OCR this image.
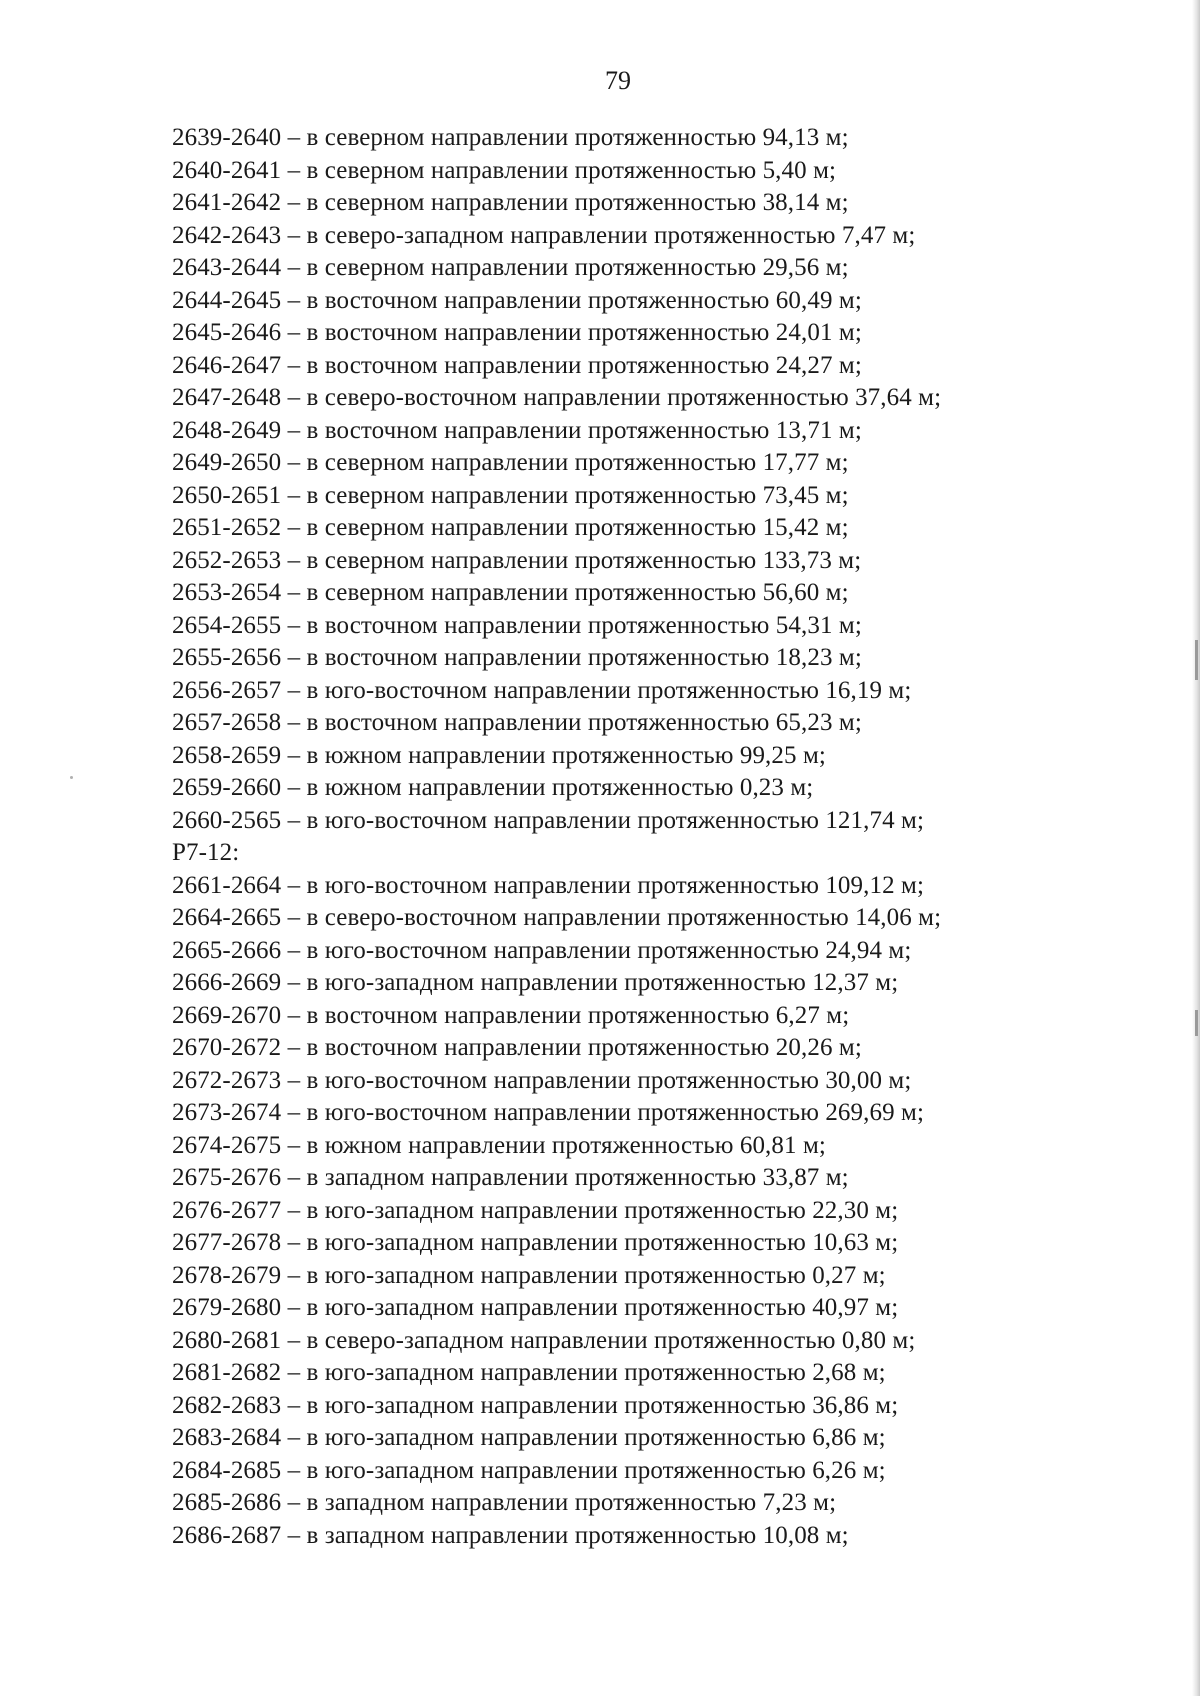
79
2639-2640 – в северном направлении протяженностью 94,13 м;
2640-2641 – в северном направлении протяженностью 5,40 м;
2641-2642 – в северном направлении протяженностью 38,14 м;
2642-2643 – в северо-западном направлении протяженностью 7,47 м;
2643-2644 – в северном направлении протяженностью 29,56 м;
2644-2645 – в восточном направлении протяженностью 60,49 м;
2645-2646 – в восточном направлении протяженностью 24,01 м;
2646-2647 – в восточном направлении протяженностью 24,27 м;
2647-2648 – в северо-восточном направлении протяженностью 37,64 м;
2648-2649 – в восточном направлении протяженностью 13,71 м;
2649-2650 – в северном направлении протяженностью 17,77 м;
2650-2651 – в северном направлении протяженностью 73,45 м;
2651-2652 – в северном направлении протяженностью 15,42 м;
2652-2653 – в северном направлении протяженностью 133,73 м;
2653-2654 – в северном направлении протяженностью 56,60 м;
2654-2655 – в восточном направлении протяженностью 54,31 м;
2655-2656 – в восточном направлении протяженностью 18,23 м;
2656-2657 – в юго-восточном направлении протяженностью 16,19 м;
2657-2658 – в восточном направлении протяженностью 65,23 м;
2658-2659 – в южном направлении протяженностью 99,25 м;
2659-2660 – в южном направлении протяженностью 0,23 м;
2660-2565 – в юго-восточном направлении протяженностью 121,74 м;
Р7-12:
2661-2664 – в юго-восточном направлении протяженностью 109,12 м;
2664-2665 – в северо-восточном направлении протяженностью 14,06 м;
2665-2666 – в юго-восточном направлении протяженностью 24,94 м;
2666-2669 – в юго-западном направлении протяженностью 12,37 м;
2669-2670 – в восточном направлении протяженностью 6,27 м;
2670-2672 – в восточном направлении протяженностью 20,26 м;
2672-2673 – в юго-восточном направлении протяженностью 30,00 м;
2673-2674 – в юго-восточном направлении протяженностью 269,69 м;
2674-2675 – в южном направлении протяженностью 60,81 м;
2675-2676 – в западном направлении протяженностью 33,87 м;
2676-2677 – в юго-западном направлении протяженностью 22,30 м;
2677-2678 – в юго-западном направлении протяженностью 10,63 м;
2678-2679 – в юго-западном направлении протяженностью 0,27 м;
2679-2680 – в юго-западном направлении протяженностью 40,97 м;
2680-2681 – в северо-западном направлении протяженностью 0,80 м;
2681-2682 – в юго-западном направлении протяженностью 2,68 м;
2682-2683 – в юго-западном направлении протяженностью 36,86 м;
2683-2684 – в юго-западном направлении протяженностью 6,86 м;
2684-2685 – в юго-западном направлении протяженностью 6,26 м;
2685-2686 – в западном направлении протяженностью 7,23 м;
2686-2687 – в западном направлении протяженностью 10,08 м;
